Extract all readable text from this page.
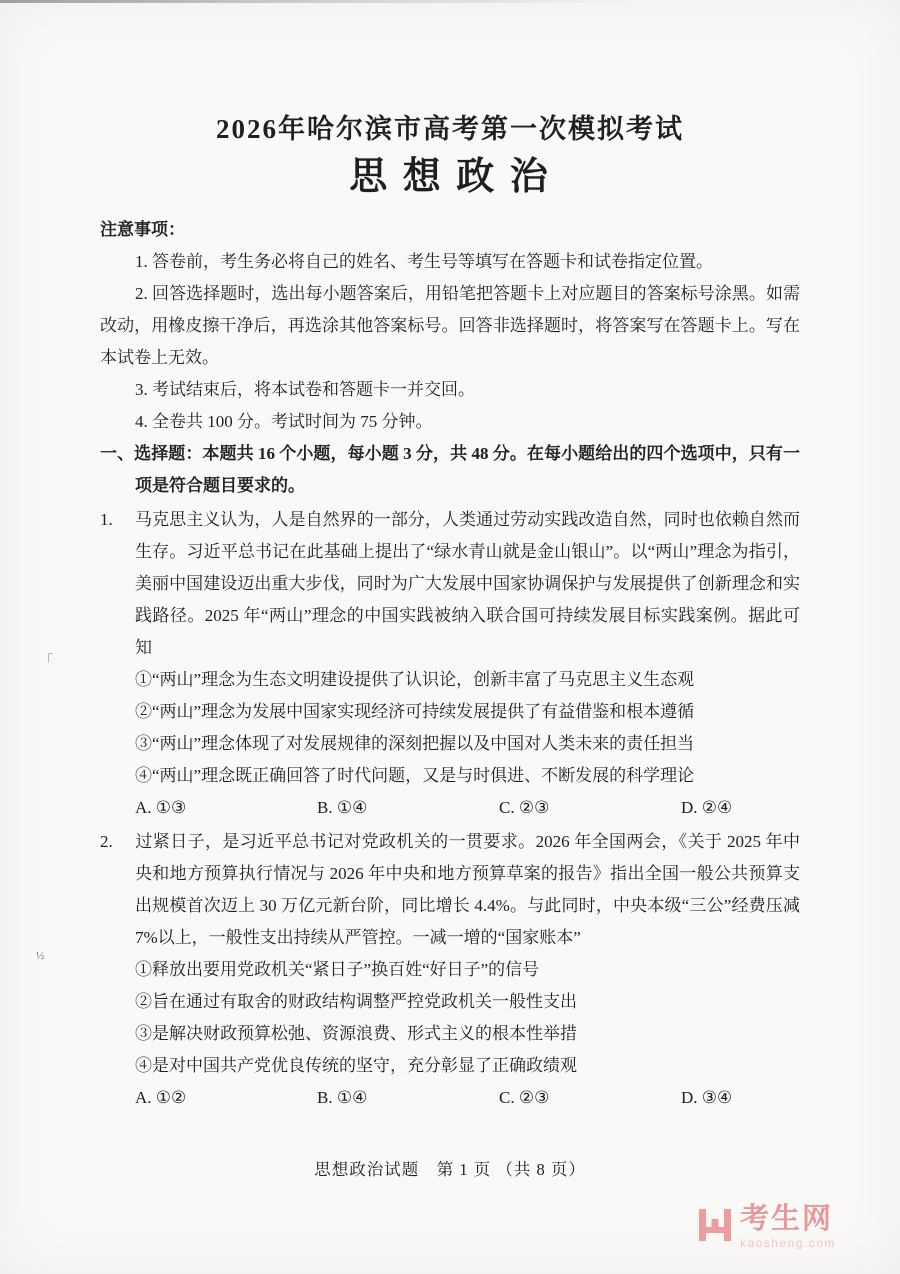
「
½
2026年哈尔滨市高考第一次模拟考试
思 想 政 治

注意事项：

1. 答卷前，考生务必将自己的姓名、考生号等填写在答题卡和试卷指定位置。

2. 回答选择题时，选出每小题答案后，用铅笔把答题卡上对应题目的答案标号涂黑。如需改动，用橡皮擦干净后，再选涂其他答案标号。回答非选择题时，将答案写在答题卡上。写在本试卷上无效。

3. 考试结束后，将本试卷和答题卡一并交回。

4. 全卷共 100 分。考试时间为 75 分钟。

一、选择题：本题共 16 个小题，每小题 3 分，共 48 分。在每小题给出的四个选项中，只有一项是符合题目要求的。

1. 马克思主义认为，人是自然界的一部分，人类通过劳动实践改造自然，同时也依赖自然而生存。习近平总书记在此基础上提出了“绿水青山就是金山银山”。以“两山”理念为指引，美丽中国建设迈出重大步伐，同时为广大发展中国家协调保护与发展提供了创新理念和实践路径。2025 年“两山”理念的中国实践被纳入联合国可持续发展目标实践案例。据此可知

①“两山”理念为生态文明建设提供了认识论，创新丰富了马克思主义生态观

②“两山”理念为发展中国家实现经济可持续发展提供了有益借鉴和根本遵循

③“两山”理念体现了对发展规律的深刻把握以及中国对人类未来的责任担当

④“两山”理念既正确回答了时代问题，又是与时俱进、不断发展的科学理论

A. ①③	B. ①④	C. ②③	D. ②④

2. 过紧日子，是习近平总书记对党政机关的一贯要求。2026 年全国两会，《关于 2025 年中央和地方预算执行情况与 2026 年中央和地方预算草案的报告》指出全国一般公共预算支出规模首次迈上 30 万亿元新台阶，同比增长 4.4%。与此同时，中央本级“三公”经费压减 7%以上，一般性支出持续从严管控。一减一增的“国家账本”

①释放出要用党政机关“紧日子”换百姓“好日子”的信号

②旨在通过有取舍的财政结构调整严控党政机关一般性支出

③是解决财政预算松弛、资源浪费、形式主义的根本性举措

④是对中国共产党优良传统的坚守，充分彰显了正确政绩观

A. ①②	B. ①④	C. ②③	D. ③④

思想政治试题　第 1 页 （共 8 页）
考生网
kaosheng.com
